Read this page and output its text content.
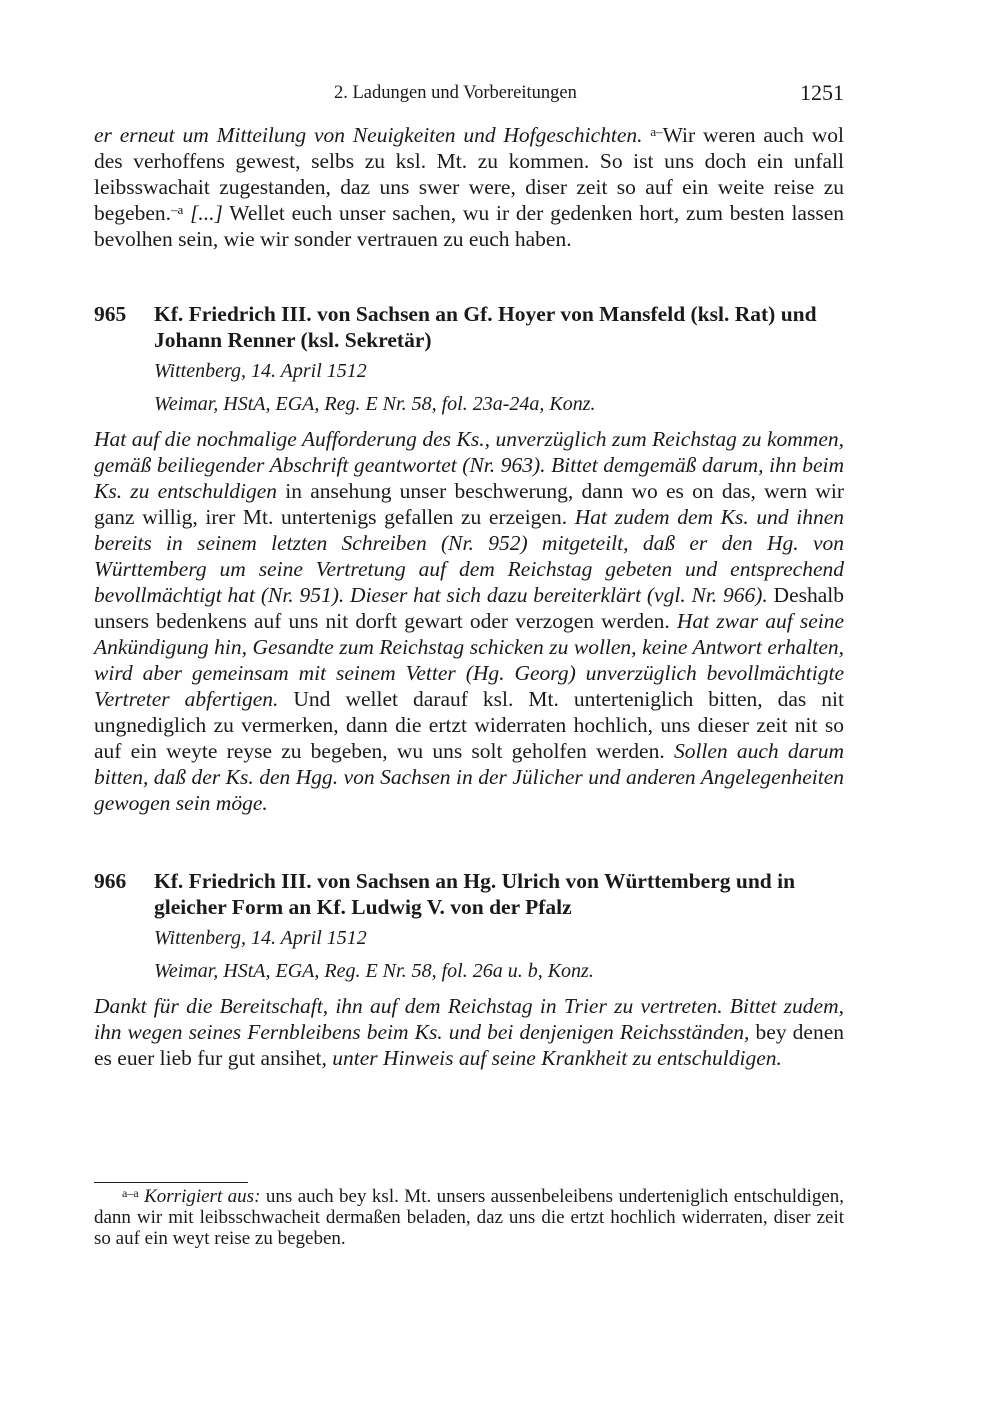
2. Ladungen und Vorbereitungen	1251
er erneut um Mitteilung von Neuigkeiten und Hofgeschichten. $^{a-}$Wir weren auch wol des verhoffens gewest, selbs zu ksl. Mt. zu kommen. So ist uns doch ein unfall leibsswachait zugestanden, daz uns swer were, diser zeit so auf ein weite reise zu begeben.$^{-a}$ [...] Wellet euch unser sachen, wu ir der gedenken hort, zum besten lassen bevolhen sein, wie wir sonder vertrauen zu euch haben.
965 Kf. Friedrich III. von Sachsen an Gf. Hoyer von Mansfeld (ksl. Rat) und Johann Renner (ksl. Sekretär)
Wittenberg, 14. April 1512
Weimar, HStA, EGA, Reg. E Nr. 58, fol. 23a-24a, Konz.
Hat auf die nochmalige Aufforderung des Ks., unverzüglich zum Reichstag zu kommen, gemäß beiliegender Abschrift geantwortet (Nr. 963). Bittet demgemäß darum, ihn beim Ks. zu entschuldigen in ansehung unser beschwerung, dann wo es on das, wern wir ganz willig, irer Mt. untertenigs gefallen zu erzeigen. Hat zudem dem Ks. und ihnen bereits in seinem letzten Schreiben (Nr. 952) mitgeteilt, daß er den Hg. von Württemberg um seine Vertretung auf dem Reichstag gebeten und entsprechend bevollmächtigt hat (Nr. 951). Dieser hat sich dazu bereiterklärt (vgl. Nr. 966). Deshalb unsers bedenkens auf uns nit dorft gewart oder verzogen werden. Hat zwar auf seine Ankündigung hin, Gesandte zum Reichstag schicken zu wollen, keine Antwort erhalten, wird aber gemeinsam mit seinem Vetter (Hg. Georg) unverzüglich bevollmächtigte Vertreter abfertigen. Und wellet darauf ksl. Mt. unterteniglich bitten, das nit ungnediglich zu vermerken, dann die ertzt widerraten hochlich, uns dieser zeit nit so auf ein weyte reyse zu begeben, wu uns solt geholfen werden. Sollen auch darum bitten, daß der Ks. den Hgg. von Sachsen in der Jülicher und anderen Angelegenheiten gewogen sein möge.
966 Kf. Friedrich III. von Sachsen an Hg. Ulrich von Württemberg und in gleicher Form an Kf. Ludwig V. von der Pfalz
Wittenberg, 14. April 1512
Weimar, HStA, EGA, Reg. E Nr. 58, fol. 26a u. b, Konz.
Dankt für die Bereitschaft, ihn auf dem Reichstag in Trier zu vertreten. Bittet zudem, ihn wegen seines Fernbleibens beim Ks. und bei denjenigen Reichsständen, bey denen es euer lieb fur gut ansihet, unter Hinweis auf seine Krankheit zu entschuldigen.
$^{a-a}$ Korrigiert aus: uns auch bey ksl. Mt. unsers aussenbeleibens underteniglich entschuldigen, dann wir mit leibsschwacheit dermaßen beladen, daz uns die ertzt hochlich widerraten, diser zeit so auf ein weyt reise zu begeben.
